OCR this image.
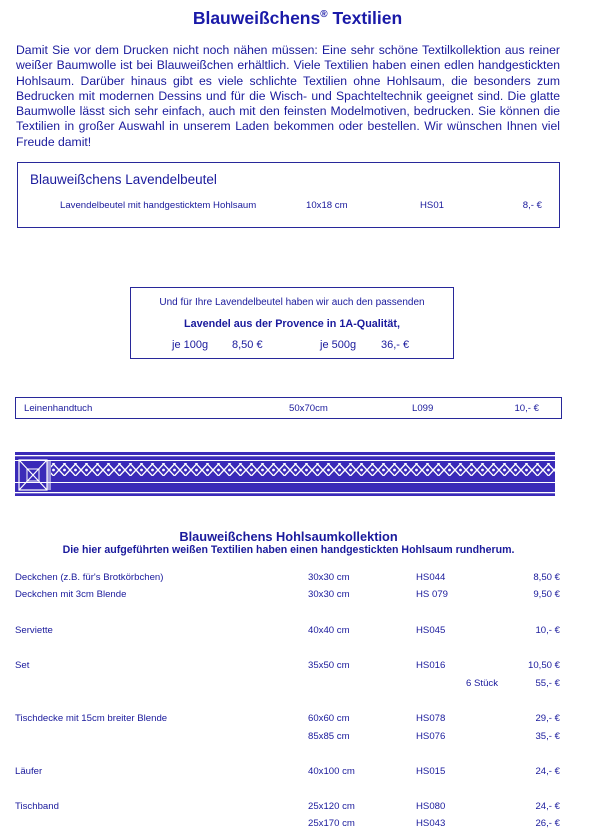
Blauweißchens® Textilien
Damit Sie vor dem Drucken nicht noch nähen müssen: Eine sehr schöne Textilkollektion aus reiner weißer Baumwolle ist bei Blauweißchen erhältlich. Viele Textilien haben einen edlen handgestickten Hohlsaum. Darüber hinaus gibt es viele schlichte Textilien ohne Hohlsaum, die besonders zum Bedrucken mit modernen Dessins und für die Wisch- und Spachteltechnik geeignet sind. Die glatte Baumwolle lässt sich sehr einfach, auch mit den feinsten Modelmotiven, bedrucken. Sie können die Textilien in großer Auswahl in unserem Laden bekommen oder bestellen. Wir wünschen Ihnen viel Freude damit!
Blauweißchens Lavendelbeutel
Lavendelbeutel mit handgesticktem Hohlsaum	10x18 cm	HS01	8,- €
Und für Ihre Lavendelbeutel haben wir auch den passenden
Lavendel aus der Provence in 1A-Qualität,
je 100g 8,50 €	je 500g 36,- €
Leinenhandtuch	50x70cm	L099	10,- €
Blauweißchens Hohlsaumkollektion
Die hier aufgeführten weißen Textilien haben einen handgestickten Hohlsaum rundherum.
Deckchen (z.B. für's Brotkörbchen)	30x30 cm	HS044	8,50 €
Deckchen mit 3cm Blende	30x30 cm	HS 079	9,50 €
Serviette	40x40 cm	HS045	10,- €
Set	35x50 cm	HS016	10,50 €
6 Stück	55,- €
Tischdecke mit 15cm breiter Blende	60x60 cm	HS078	29,- €
85x85 cm	HS076	35,- €
Läufer	40x100 cm	HS015	24,- €
Tischband	25x120 cm	HS080	24,- €
25x170 cm	HS043	26,- €
